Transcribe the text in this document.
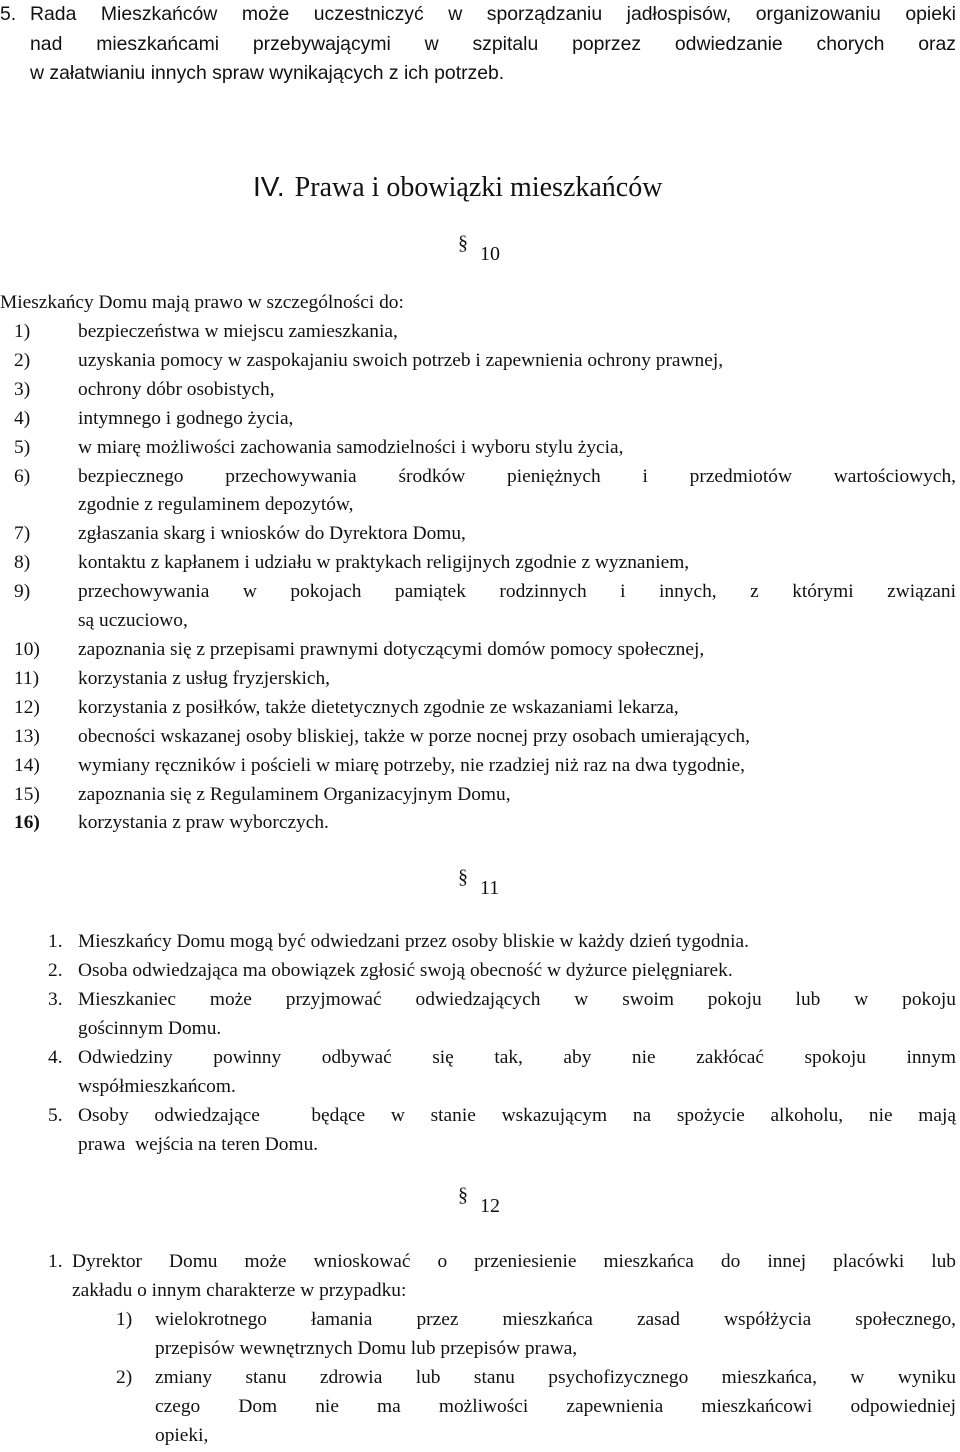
5. Rada Mieszkańców może uczestniczyć w sporządzaniu jadłospisów, organizowaniu opieki
nad mieszkańcami przebywającymi w szpitalu poprzez odwiedzanie chorych oraz
w załatwianiu innych spraw wynikających z ich potrzeb.
IV. Prawa i obowiązki mieszkańców
§ 10
Mieszkańcy Domu mają prawo w szczególności do:
1)	bezpieczeństwa w miejscu zamieszkania,
2)	uzyskania pomocy w zaspokajaniu swoich potrzeb i zapewnienia ochrony prawnej,
3)	ochrony dóbr osobistych,
4)	intymnego i godnego życia,
5)	w miarę możliwości zachowania samodzielności i wyboru stylu życia,
6)	bezpiecznego przechowywania środków pieniężnych i przedmiotów wartościowych,
zgodnie z regulaminem depozytów,
7)	zgłaszania skarg i wniosków do Dyrektora Domu,
8)	kontaktu z kapłanem i udziału w praktykach religijnych zgodnie z wyznaniem,
9)	przechowywania w pokojach pamiątek rodzinnych i innych, z którymi związani
są uczuciowo,
10)	zapoznania się z przepisami prawnymi dotyczącymi domów pomocy społecznej,
11)	korzystania z usług fryzjerskich,
12)	korzystania z posiłków, także dietetycznych zgodnie ze wskazaniami lekarza,
13)	obecności wskazanej osoby bliskiej, także w porze nocnej przy osobach umierających,
14)	wymiany ręczników i pościeli w miarę potrzeby, nie rzadziej niż raz na dwa tygodnie,
15)	zapoznania się z Regulaminem Organizacyjnym Domu,
16)	korzystania z praw wyborczych.
§ 11
1. Mieszkańcy Domu mogą być odwiedzani przez osoby bliskie w każdy dzień tygodnia.
2. Osoba odwiedzająca ma obowiązek zgłosić swoją obecność w dyżurce pielęgniarek.
3. Mieszkaniec może przyjmować odwiedzających w swoim pokoju lub w pokoju
gościnnym Domu.
4. Odwiedziny powinny odbywać się tak, aby nie zakłócać spokoju innym
współmieszkańcom.
5. Osoby odwiedzające  będące w stanie wskazującym na spożycie alkoholu, nie mają
prawa  wejścia na teren Domu.
§ 12
1. Dyrektor Domu może wnioskować o przeniesienie mieszkańca do innej placówki lub
zakładu o innym charakterze w przypadku:
1)	wielokrotnego łamania przez mieszkańca zasad współżycia społecznego,
przepisów wewnętrznych Domu lub przepisów prawa,
2)	zmiany stanu zdrowia lub stanu psychofizycznego mieszkańca, w wyniku
czego Dom nie ma możliwości zapewnienia mieszkańcowi odpowiedniej
opieki,
